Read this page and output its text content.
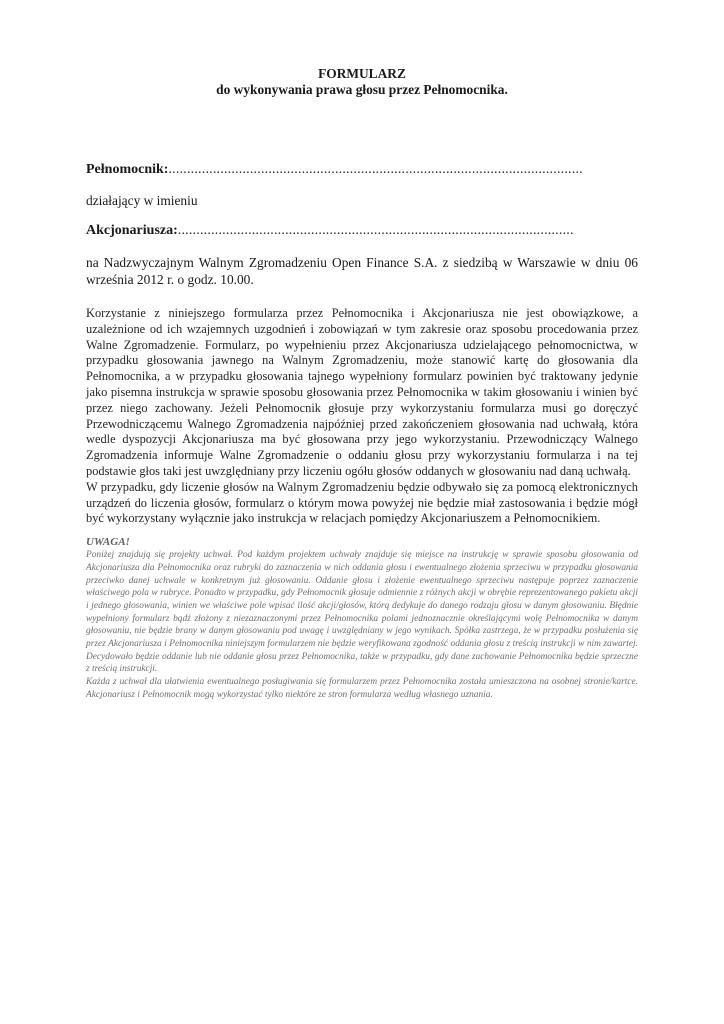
FORMULARZ
do wykonywania prawa głosu przez Pełnomocnika.
Pełnomocnik:................................................................................................................
działający w imieniu
Akcjonariusza:...........................................................................................................
na Nadzwyczajnym Walnym Zgromadzeniu Open Finance S.A. z siedzibą w Warszawie w dniu 06 września 2012 r. o godz. 10.00.

Korzystanie z niniejszego formularza przez Pełnomocnika i Akcjonariusza nie jest obowiązkowe, a uzależnione od ich wzajemnych uzgodnień i zobowiązań w tym zakresie oraz sposobu procedowania przez Walne Zgromadzenie. Formularz, po wypełnieniu przez Akcjonariusza udzielającego pełnomocnictwa, w przypadku głosowania jawnego na Walnym Zgromadzeniu, może stanowić kartę do głosowania dla Pełnomocnika, a w przypadku głosowania tajnego wypełniony formularz powinien być traktowany jedynie jako pisemna instrukcja w sprawie sposobu głosowania przez Pełnomocnika w takim głosowaniu i winien być przez niego zachowany. Jeżeli Pełnomocnik głosuje przy wykorzystaniu formularza musi go doręczyć Przewodniczącemu Walnego Zgromadzenia najpóźniej przed zakończeniem głosowania nad uchwałą, która wedle dyspozycji Akcjonariusza ma być głosowana przy jego wykorzystaniu. Przewodniczący Walnego Zgromadzenia informuje Walne Zgromadzenie o oddaniu głosu przy wykorzystaniu formularza i na tej podstawie głos taki jest uwzględniany przy liczeniu ogółu głosów oddanych w głosowaniu nad daną uchwałą.

W przypadku, gdy liczenie głosów na Walnym Zgromadzeniu będzie odbywało się za pomocą elektronicznych urządzeń do liczenia głosów, formularz o którym mowa powyżej nie będzie miał zastosowania i będzie mógł być wykorzystany wyłącznie jako instrukcja w relacjach pomiędzy Akcjonariuszem a Pełnomocnikiem.

UWAGA!

Poniżej znajdują się projekty uchwał. Pod każdym projektem uchwały znajduje się miejsce na instrukcję w sprawie sposobu głosowania od Akcjonariusza dla Pełnomocnika oraz rubryki do zaznaczenia w nich oddania głosu i ewentualnego złożenia sprzeciwu w przypadku głosowania przeciwko danej uchwale w konkretnym już głosowaniu. Oddanie głosu i złożenie ewentualnego sprzeciwu następuje poprzez zaznaczenie właściwego pola w rubryce. Ponadto w przypadku, gdy Pełnomocnik głosuje odmiennie z różnych akcji w obrębie reprezentowanego pakietu akcji i jednego głosowania, winien we właściwe pole wpisać ilość akcji/głosów, którą dedykuje do danego rodzaju głosu w danym głosowaniu. Błędnie wypełniony formularz bądź złożony z niezaznaczonymi przez Pełnomocnika polami jednoznacznie określającymi wolę Pełnomocnika w danym głosowaniu, nie będzie brany w danym głosowaniu pod uwagę i uwzględniany w jego wynikach. Spółka zastrzega, że w przypadku posłużenia się przez Akcjonariusza i Pełnomocnika niniejszym formularzem nie będzie weryfikowana zgodność oddania głosu z treścią instrukcji w nim zawartej. Decydowało będzie oddanie lub nie oddanie głosu przez Pełnomocnika, także w przypadku, gdy dane zachowanie Pełnomocnika będzie sprzeczne z treścią instrukcji.

Każda z uchwał dla ułatwienia ewentualnego posługiwania się formularzem przez Pełnomocnika została umieszczona na osobnej stronie/kartce. Akcjonariusz i Pełnomocnik mogą wykorzystać tylko niektóre ze stron formularza według własnego uznania.
